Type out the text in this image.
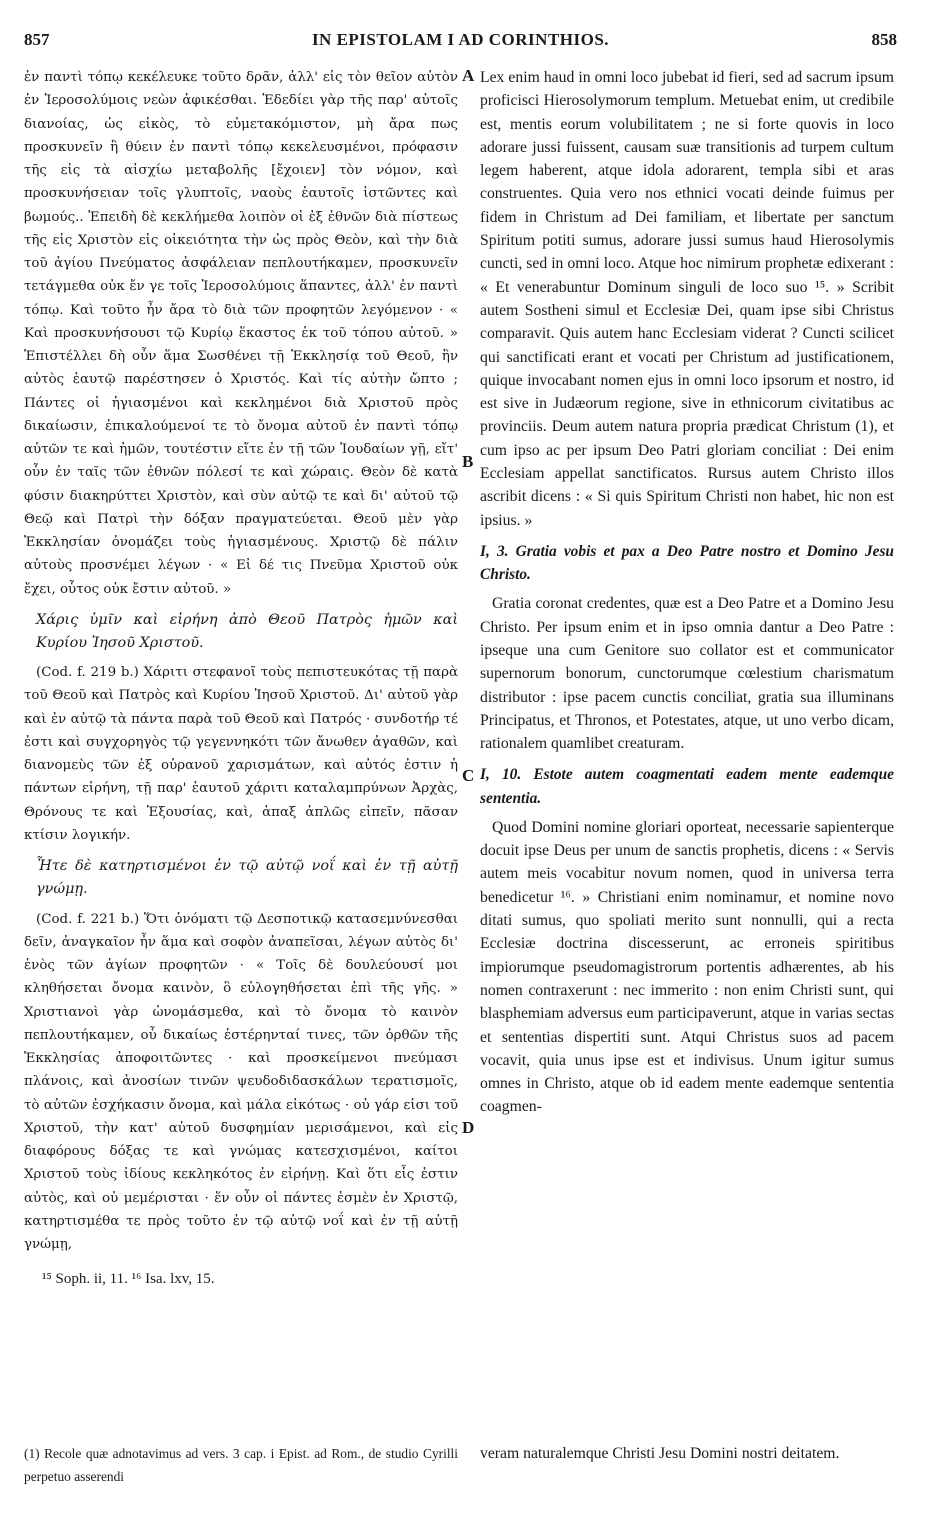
857	IN EPISTOLAM I AD CORINTHIOS.	858

ἐν παντὶ τόπῳ κεκέλευκε τοῦτο δρᾶν, ἀλλ' εἰς τὸν θεῖον αὐτὸν ἐν Ἱεροσολύμοις νεὼν ἀφικέσθαι. Ἐδεδίει γὰρ τῆς παρ' αὐτοῖς διανοίας, ὡς εἰκὸς, τὸ εὐμετακόμιστον, μὴ ἄρα πως προσκυνεῖν ἢ θύειν ἐν παντὶ τόπῳ κεκελευσμένοι, πρόφασιν τῆς εἰς τὰ αἰσχίω μεταβολῆς [ἔχοιεν] τὸν νόμον, καὶ προσκυνήσειαν τοῖς γλυπτοῖς, ναοὺς ἑαυτοῖς ἱστῶντες καὶ βωμούς.. Ἐπειδὴ δὲ κεκλήμεθα λοιπὸν οἱ ἐξ ἐθνῶν διὰ πίστεως τῆς εἰς Χριστὸν εἰς οἰκειότητα τὴν ὡς πρὸς Θεὸν, καὶ τὴν διὰ τοῦ ἁγίου Πνεύματος ἀσφάλειαν πεπλουτήκαμεν, προσκυνεῖν τετάγμεθα οὐκ ἔν γε τοῖς Ἱεροσολύμοις ἅπαντες, ἀλλ' ἐν παντὶ τόπῳ. Καὶ τοῦτο ἦν ἄρα τὸ διὰ τῶν προφητῶν λεγόμενον · « Καὶ προσκυνήσουσι τῷ Κυρίῳ ἕκαστος ἐκ τοῦ τόπου αὐτοῦ. » Ἐπιστέλλει δὴ οὖν ἅμα Σωσθένει τῇ Ἐκκλησίᾳ τοῦ Θεοῦ, ἣν αὐτὸς ἑαυτῷ παρέστησεν ὁ Χριστός. Καὶ τίς αὐτὴν ὤπτο ; Πάντες οἱ ἡγιασμένοι καὶ κεκλημένοι διὰ Χριστοῦ πρὸς δικαίωσιν, ἐπικαλούμενοί τε τὸ ὄνομα αὐτοῦ ἐν παντὶ τόπῳ αὐτῶν τε καὶ ἡμῶν, τουτέστιν εἴτε ἐν τῇ τῶν Ἰουδαίων γῇ, εἴτ' οὖν ἐν ταῖς τῶν ἐθνῶν πόλεσί τε καὶ χώραις. Θεὸν δὲ κατὰ φύσιν διακηρύττει Χριστὸν, καὶ σὺν αὐτῷ τε καὶ δι' αὐτοῦ τῷ Θεῷ καὶ Πατρὶ τὴν δόξαν πραγματεύεται. Θεοῦ μὲν γὰρ Ἐκκλησίαν ὀνομάζει τοὺς ἡγιασμένους. Χριστῷ δὲ πάλιν αὐτοὺς προσνέμει λέγων · « Εἰ δέ τις Πνεῦμα Χριστοῦ οὐκ ἔχει, οὗτος οὐκ ἔστιν αὐτοῦ. »

Χάρις ὑμῖν καὶ εἰρήνη ἀπὸ Θεοῦ Πατρὸς ἡμῶν καὶ Κυρίου Ἰησοῦ Χριστοῦ.

(Cod. f. 219 b.) Χάριτι στεφανοῖ τοὺς πεπιστευκότας τῇ παρὰ τοῦ Θεοῦ καὶ Πατρὸς καὶ Κυρίου Ἰησοῦ Χριστοῦ. Δι' αὐτοῦ γὰρ καὶ ἐν αὐτῷ τὰ πάντα παρὰ τοῦ Θεοῦ καὶ Πατρός · συνδοτήρ τέ ἐστι καὶ συγχορηγὸς τῷ γεγεννηκότι τῶν ἄνωθεν ἀγαθῶν, καὶ διανομεὺς τῶν ἐξ οὐρανοῦ χαρισμάτων, καὶ αὐτός ἐστιν ἡ πάντων εἰρήνη, τῇ παρ' ἑαυτοῦ χάριτι καταλαμπρύνων Ἀρχὰς, Θρόνους τε καὶ Ἐξουσίας, καὶ, ἁπαξ ἁπλῶς εἰπεῖν, πᾶσαν κτίσιν λογικήν.

Ἦτε δὲ κατηρτισμένοι ἐν τῷ αὐτῷ νοΐ καὶ ἐν τῇ αὐτῇ γνώμῃ.

(Cod. f. 221 b.) Ὅτι ὀνόματι τῷ Δεσποτικῷ κατασεμνύνεσθαι δεῖν, ἀναγκαῖον ἦν ἅμα καὶ σοφὸν ἀναπεῖσαι, λέγων αὐτὸς δι' ἑνὸς τῶν ἁγίων προφητῶν · « Τοῖς δὲ δουλεύουσί μοι κληθήσεται ὄνομα καινὸν, ὃ εὐλογηθήσεται ἐπὶ τῆς γῆς. » Χριστιανοὶ γὰρ ὠνομάσμεθα, καὶ τὸ ὄνομα τὸ καινὸν πεπλουτήκαμεν, οὗ δικαίως ἐστέρηνταί τινες, τῶν ὀρθῶν τῆς Ἐκκλησίας ἀποφοιτῶντες · καὶ προσκείμενοι πνεύμασι πλάνοις, καὶ ἀνοσίων τινῶν ψευδοδιδασκάλων τερατισμοῖς, τὸ αὐτῶν ἐσχήκασιν ὄνομα, καὶ μάλα εἰκότως · οὐ γάρ εἰσι τοῦ Χριστοῦ, τὴν κατ' αὐτοῦ δυσφημίαν μερισάμενοι, καὶ εἰς διαφόρους δόξας τε καὶ γνώμας κατεσχισμένοι, καίτοι Χριστοῦ τοὺς ἰδίους κεκληκότος ἐν εἰρήνῃ. Καὶ ὅτι εἷς ἐστιν αὐτὸς, καὶ οὐ μεμέρισται · ἕν οὖν οἱ πάντες ἐσμὲν ἐν Χριστῷ, κατηρτισμέθα τε πρὸς τοῦτο ἐν τῷ αὐτῷ νοΐ καὶ ἐν τῇ αὐτῇ γνώμῃ,

¹⁵ Soph. ii, 11. ¹⁶ Isa. lxv, 15.

Lex enim haud in omni loco jubebat id fieri, sed ad sacrum ipsum proficisci Hierosolymorum templum. Metuebat enim, ut credibile est, mentis eorum volubilitatem ; ne si forte quovis in loco adorare jussi fuissent, causam suæ transitionis ad turpem cultum legem haberent, atque idola adorarent, templa sibi et aras construentes. Quia vero nos ethnici vocati deinde fuimus per fidem in Christum ad Dei familiam, et libertate per sanctum Spiritum potiti sumus, adorare jussi sumus haud Hierosolymis cuncti, sed in omni loco. Atque hoc nimirum prophetæ edixerant : « Et venerabuntur Dominum singuli de loco suo ¹⁵. » Scribit autem Sostheni simul et Ecclesiæ Dei, quam ipse sibi Christus comparavit. Quis autem hanc Ecclesiam viderat ? Cuncti scilicet qui sanctificati erant et vocati per Christum ad justificationem, quique invocabant nomen ejus in omni loco ipsorum et nostro, id est sive in Judæorum regione, sive in ethnicorum civitatibus ac provinciis. Deum autem natura propria prædicat Christum (1), et cum ipso ac per ipsum Deo Patri gloriam conciliat : Dei enim Ecclesiam appellat sanctificatos. Rursus autem Christo illos ascribit dicens : « Si quis Spiritum Christi non habet, hic non est ipsius. »

I, 3. Gratia vobis et pax a Deo Patre nostro et Domino Jesu Christo.

Gratia coronat credentes, quæ est a Deo Patre et a Domino Jesu Christo. Per ipsum enim et in ipso omnia dantur a Deo Patre : ipseque una cum Genitore suo collator est et communicator supernorum bonorum, cunctorumque cœlestium charismatum distributor : ipse pacem cunctis conciliat, gratia sua illuminans Principatus, et Thronos, et Potestates, atque, ut uno verbo dicam, rationalem quamlibet creaturam.

I, 10. Estote autem coagmentati eadem mente eademque sententia.

Quod Domini nomine gloriari oporteat, necessarie sapienterque docuit ipse Deus per unum de sanctis prophetis, dicens : « Servis autem meis vocabitur novum nomen, quod in universa terra benedicetur ¹⁶. » Christiani enim nominamur, et nomine novo ditati sumus, quo spoliati merito sunt nonnulli, qui a recta Ecclesiæ doctrina discesserunt, ac erroneis spiritibus impiorumque pseudomagistrorum portentis adhærentes, ab his nomen contraxerunt : nec immerito : non enim Christi sunt, qui blasphemiam adversus eum participaverunt, atque in varias sectas et sententias dispertiti sunt. Atqui Christus suos ad pacem vocavit, quia unus ipse est et indivisus. Unum igitur sumus omnes in Christo, atque ob id eadem mente eademque sententia coagmen-

A
B
C
D

(1) Recole quæ adnotavimus ad vers. 3 cap. i Epist. ad Rom., de studio Cyrilli perpetuo asserendi

veram naturalemque Christi Jesu Domini nostri deitatem.
